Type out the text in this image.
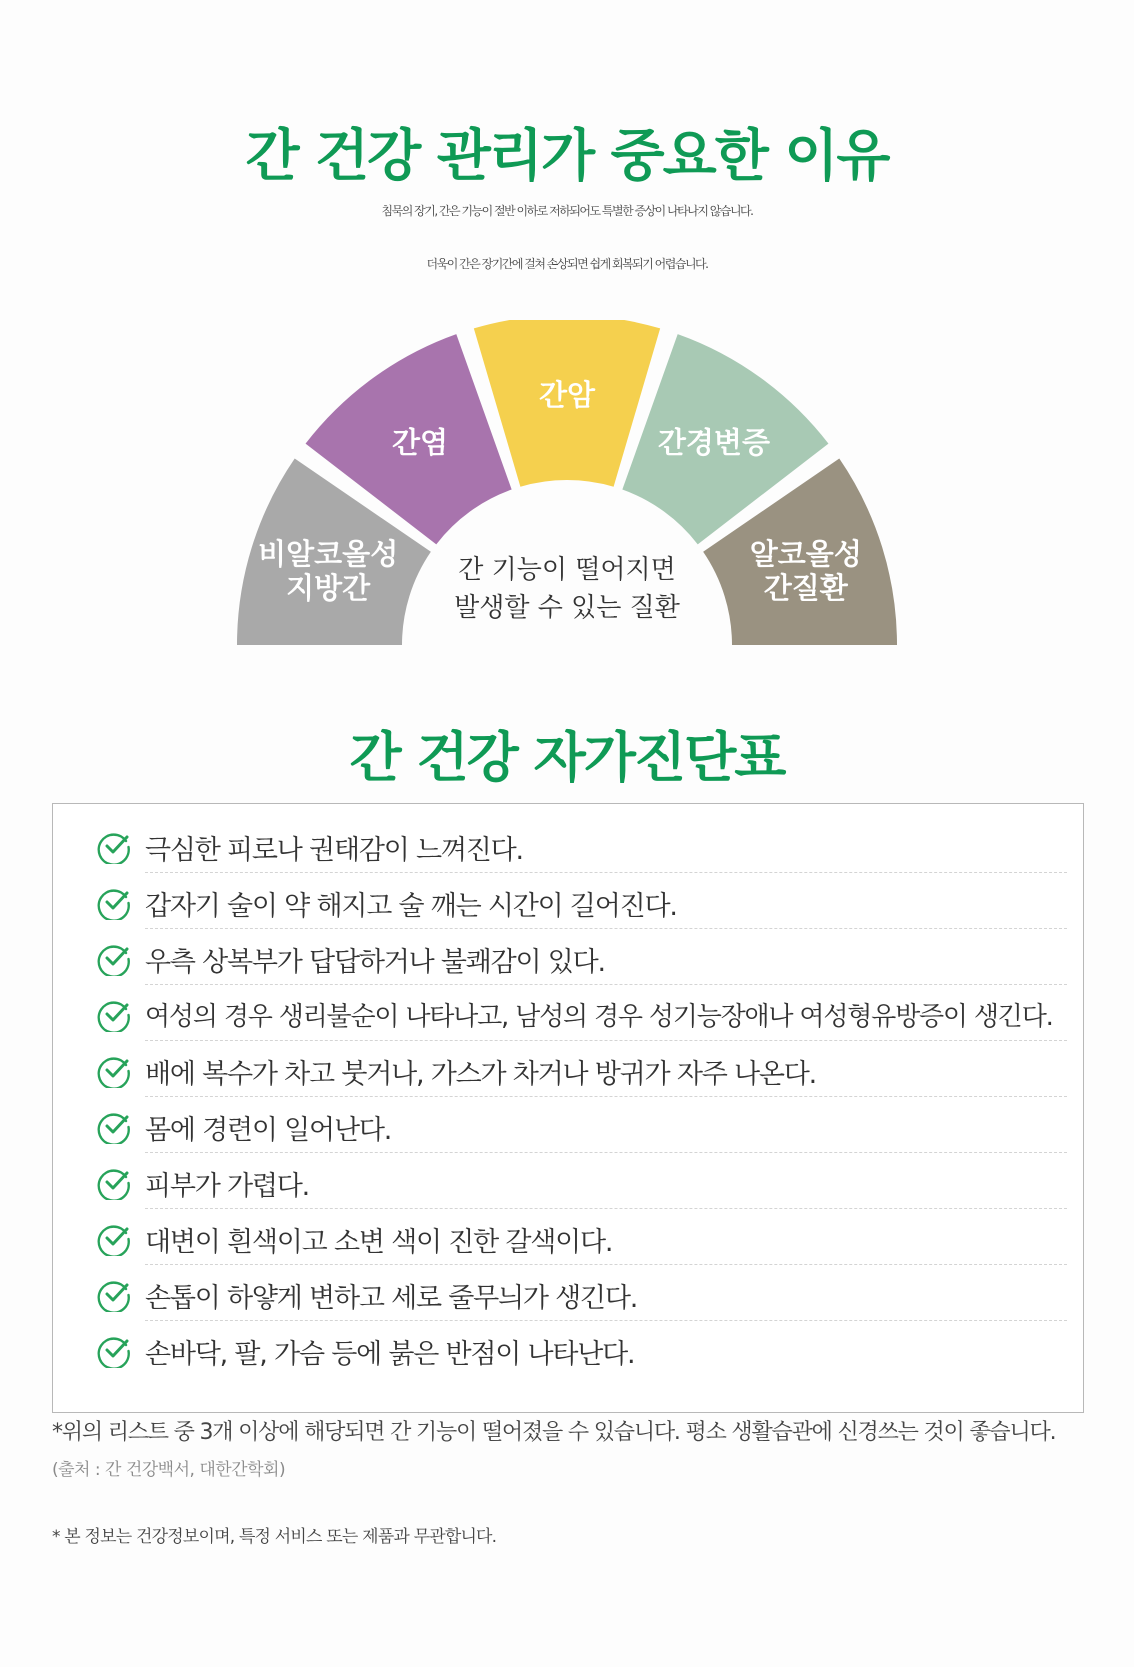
간 건강 관리가 중요한 이유

침묵의 장기, 간은 기능이 절반 이하로 저하되어도 특별한 증상이 나타나지 않습니다.

더욱이 간은 장기간에 걸쳐 손상되면 쉽게 회복되기 어렵습니다.

비알코올성
지방간
간염
간암
간경변증
알코올성
간질환
간 기능이 떨어지면
발생할 수 있는 질환
간 건강 자가진단표
극심한 피로나 권태감이 느껴진다.
갑자기 술이 약 해지고 술 깨는 시간이 길어진다.
우측 상복부가 답답하거나 불쾌감이 있다.
여성의 경우 생리불순이 나타나고, 남성의 경우 성기능장애나 여성형유방증이 생긴다.
배에 복수가 차고 붓거나, 가스가 차거나 방귀가 자주 나온다.
몸에 경련이 일어난다.
피부가 가렵다.
대변이 흰색이고 소변 색이 진한 갈색이다.
손톱이 하얗게 변하고 세로 줄무늬가 생긴다.
손바닥, 팔, 가슴 등에 붉은 반점이 나타난다.

*위의 리스트 중 3개 이상에 해당되면 간 기능이 떨어졌을 수 있습니다. 평소 생활습관에 신경쓰는 것이 좋습니다.

(출처 : 간 건강백서, 대한간학회)

* 본 정보는 건강정보이며, 특정 서비스 또는 제품과 무관합니다.
